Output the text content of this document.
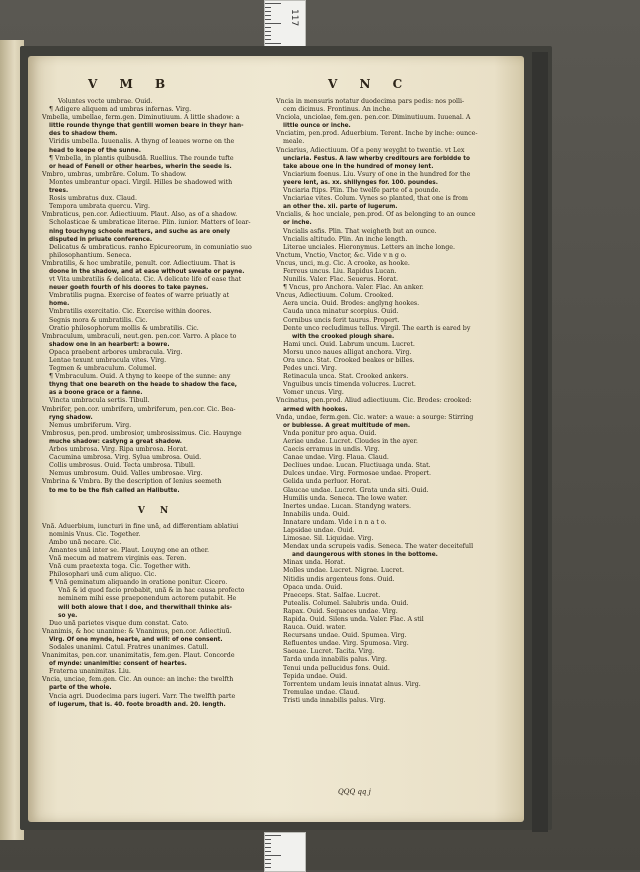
117
V M B	V N C
Voluntes vocte umbrae. Ouid.
¶ Adigere aliquem ad umbras infernas. Virg.
Vmbella, umbellae, ferm.gen. Diminutiuum. A little shadow: a
little rounde thynge that gentill women beare in theyr han-
des to shadow them.
Viridis umbella. Iuuenalis. A thyng of leaues worne on the
head to keepe of the sunne.
¶ Vmbella, in plantis quibusdã. Ruellius. The rounde tufte
or head of Fenell or other hearbes, wherin the seede is.
Vmbro, umbras, umbrãre. Colum. To shadow.
Montes umbrantur opaci. Virgil. Hilles be shadowed with
trees.
Rosis umbratus dux. Claud.
Tempora umbrata quercu. Virg.
Vmbraticus, pen.cor. Adiectiuum. Plaut. Also, as of a shadow.
Scholasticae & umbraticae literae. Plin. iunior. Matters of lear-
ning touchyng schoole matters, and suche as are onely
disputed in priuate conference.
Delicatus & umbraticus. ranho Epicureorum, in comuniatio suo
philosophantium. Seneca.
Vmbratilis, & hoc umbratile, penult. cor. Adiectiuum. That is
doone in the shadow, and at ease without sweate or payne.
vt Vita umbratilis & delicata. Cic. A delicate life of ease that
neuer goeth fourth of his doores to take paynes.
Vmbratilis pugna. Exercise of feates of warre priuatly at
home.
Vmbratilis exercitatio. Cic. Exercise within doores.
Segnis mora & umbratilis. Cic.
Oratio philosophorum mollis & umbratilis. Cic.
Vmbraculum, umbraculi, neut.gen. pen.cor. Varro. A place to
shadow one in an hearbert: a bowre.
Opaca praebent arbores umbracula. Virg.
Lentae texunt umbracula vites. Virg.
Tegmen & umbraculum. Columel.
¶ Vmbraculum. Ouid. A thyng to keepe of the sunne: any
thyng that one beareth on the heade to shadow the face,
as a boone grace or a fanne.
Vincta umbracula sertis. Tibull.
Vmbrifer, pen.cor. umbrifera, umbriferum, pen.cor. Cic. Bea-
ryng shadow.
Nemus umbriferum. Virg.
Vmbrosus, pen.prod. umbrosior, umbrosissimus. Cic. Hauynge
muche shadow: castyng a great shadow.
Arbos umbrosa. Virg. Ripa umbrosa. Horat.
Cacumina umbrosa. Virg. Sylua umbrosa. Ouid.
Collis umbrosus. Ouid. Tecta umbrosa. Tibull.
Nemus umbrosum. Ouid. Valles umbrosae. Virg.
Vmbrina & Vmbra. By the description of Ienius seemeth
to me to be the fish called an Halibutte.
V N
Vnã. Aduerbium, iuncturi in fine unã, ad differentiam ablatiui
nominis Vnus. Cic. Together.
Ambo unã necare. Cic.
Amantes unã inter se. Plaut. Louyng one an other.
Vnã mecum ad matrem virginis eas. Teren.
Vnã cum praetexta toga. Cic. Together with.
Philosophari unã cum aliquo. Cic.
¶ Vnã geminatum aliquando in oratione ponitur. Cicero.
Vnã & id quod facio probabit, unã & in hac causa profecto
neminem mihi esse praeponendum actorem putabit. He
will both alowe that I doe, and therwithall thinke als-
so ye.
Duo unã parietes visque dum constat. Cato.
Vnanimis, & hoc unanime: & Vnanimus, pen.cor. Adiectiuũ.
Virg. Of one mynde, hearte, and will: of one consent.
Sodales unanimi. Catul. Fratres unanimes. Catull.
Vnanimitas, pen.cor. unanimitatis, fem.gen. Plaut. Concorde
of mynde: unanimitie: consent of heartes.
Fraterna unanimitas. Liu.
Vncia, unciae, fem.gen. Cic. An ounce: an inche: the twelfth
parte of the whole.
Vncia agri. Duodecima pars iugeri. Varr. The twelfth parte
of iugerum, that is. 40. foote broadth and. 20. length.
Vncia in mensuris notatur duodecima pars pedis: nos polli-
cem dicimus. Frontinus. An inche.
Vnciola, unciolae, fem.gen. pen.cor. Diminutiuum. Iuuenal. A
little ounce or inche.
Vnciatim, pen.prod. Aduerbium. Terent. Inche by inche: ounce-
meale.
Vnciarius, Adiectiuum. Of a peny weyght to twentie. vt Lex
unciaria. Festus. A law wherby creditours are forbidde to
take aboue one in the hundred of money lent.
Vnciarium foenus. Liu. Vsury of one in the hundred for the
yeere lent, as. xx. shillynges for. 100. poundes.
Vnciaria ftips. Plin. The twelfe parte of a pounde.
Vnciariae vites. Colum. Vynes so planted, that one is from
an other the. xii. parte of Iugerum.
Vncialis, & hoc unciale, pen.prod. Of as belonging to an ounce
or inche.
Vncialis asfis. Plin. That weigheth but an ounce.
Vncialis altitudo. Plin. An inche length.
Literae unciales. Hieronymus. Letters an inche longe.
Vnctum, Vnctio, Vnctor, &c. Vide v n g o.
Vncus, unci, m.g. Cic. A crooke, as hooke.
Ferreus uncus. Liu. Rapidus Lucan.
Nunilis. Valer. Flac. Seuerus. Horat.
¶ Vncus, pro Anchora. Valer. Flac. An anker.
Vncus, Adiectiuum. Colum. Crooked.
Aera uncia. Ouid. Brodes: anglyng hookes.
Cauda unca minatur scorpius. Ouid.
Cornibus uncis ferit taurus. Propert.
Dente unco recludimus tellus. Virgil. The earth is eared by
with the crooked plough share.
Hami unci. Ouid. Labrum uncum. Lucret.
Morsu unco naues alligat anchora. Virg.
Ora unca. Stat. Crooked beakes or billes.
Pedes unci. Virg.
Retinacula unca. Stat. Crooked ankers.
Vnguibus uncis timenda volucres. Lucret.
Vomer uncus. Virg.
Vncinatus, pen.prod. Aliud adiectiuum. Cic. Brodes: crooked:
armed with hookes.
Vnda, undae, ferm.gen. Cic. water: a waue: a sourge: Stirring
or bublesse. A great multitude of men.
Vnda ponitur pro aqua. Ouid.
Aeriae undae. Lucret. Cloudes in the ayer.
Caecis erramus in undis. Virg.
Canae undae. Virg. Flaua. Claud.
Decliues undae. Lucan. Fluctiuaga unda. Stat.
Dulces undae. Virg. Formosae undae. Propert.
Gelida unda perluor. Horat.
Glaucae undae. Lucret. Grata unda siti. Ouid.
Humilis unda. Seneca. The lowe water.
Inertes undae. Lucan. Standyng waters.
Innabilis unda. Ouid.
Innatare undam. Vide i n n a t o.
Lapsidae undae. Ouid.
Limosae. Sil. Liquidae. Virg.
Mendax unda scrupeis vadis. Seneca. The water deceitefull
and daungerous with stones in the bottome.
Minax unda. Horat.
Molles undae. Lucret. Nigrae. Lucret.
Nitidis undis argenteus fons. Ouid.
Opaca unda. Ouid.
Praeceps. Stat. Salfae. Lucret.
Putealis. Columel. Salubris unda. Ouid.
Rapax. Ouid. Sequaces undae. Virg.
Rapida. Ouid. Silens unda. Valer. Flac. A stil
Rauca. Ouid. water.
Recursans undae. Ouid. Spumea. Virg.
Refluentes undae. Virg. Spumosa. Virg.
Saeuae. Lucret. Tacita. Virg.
Tarda unda innabilis palus. Virg.
Tenui unda pellucidus fons. Ouid.
Tepida undae. Ouid.
Torrentem undam leuis innatat alnus. Virg.
Tremulae undae. Claud.
Tristi unda innabilis palus. Virg.
QQQ qq j
